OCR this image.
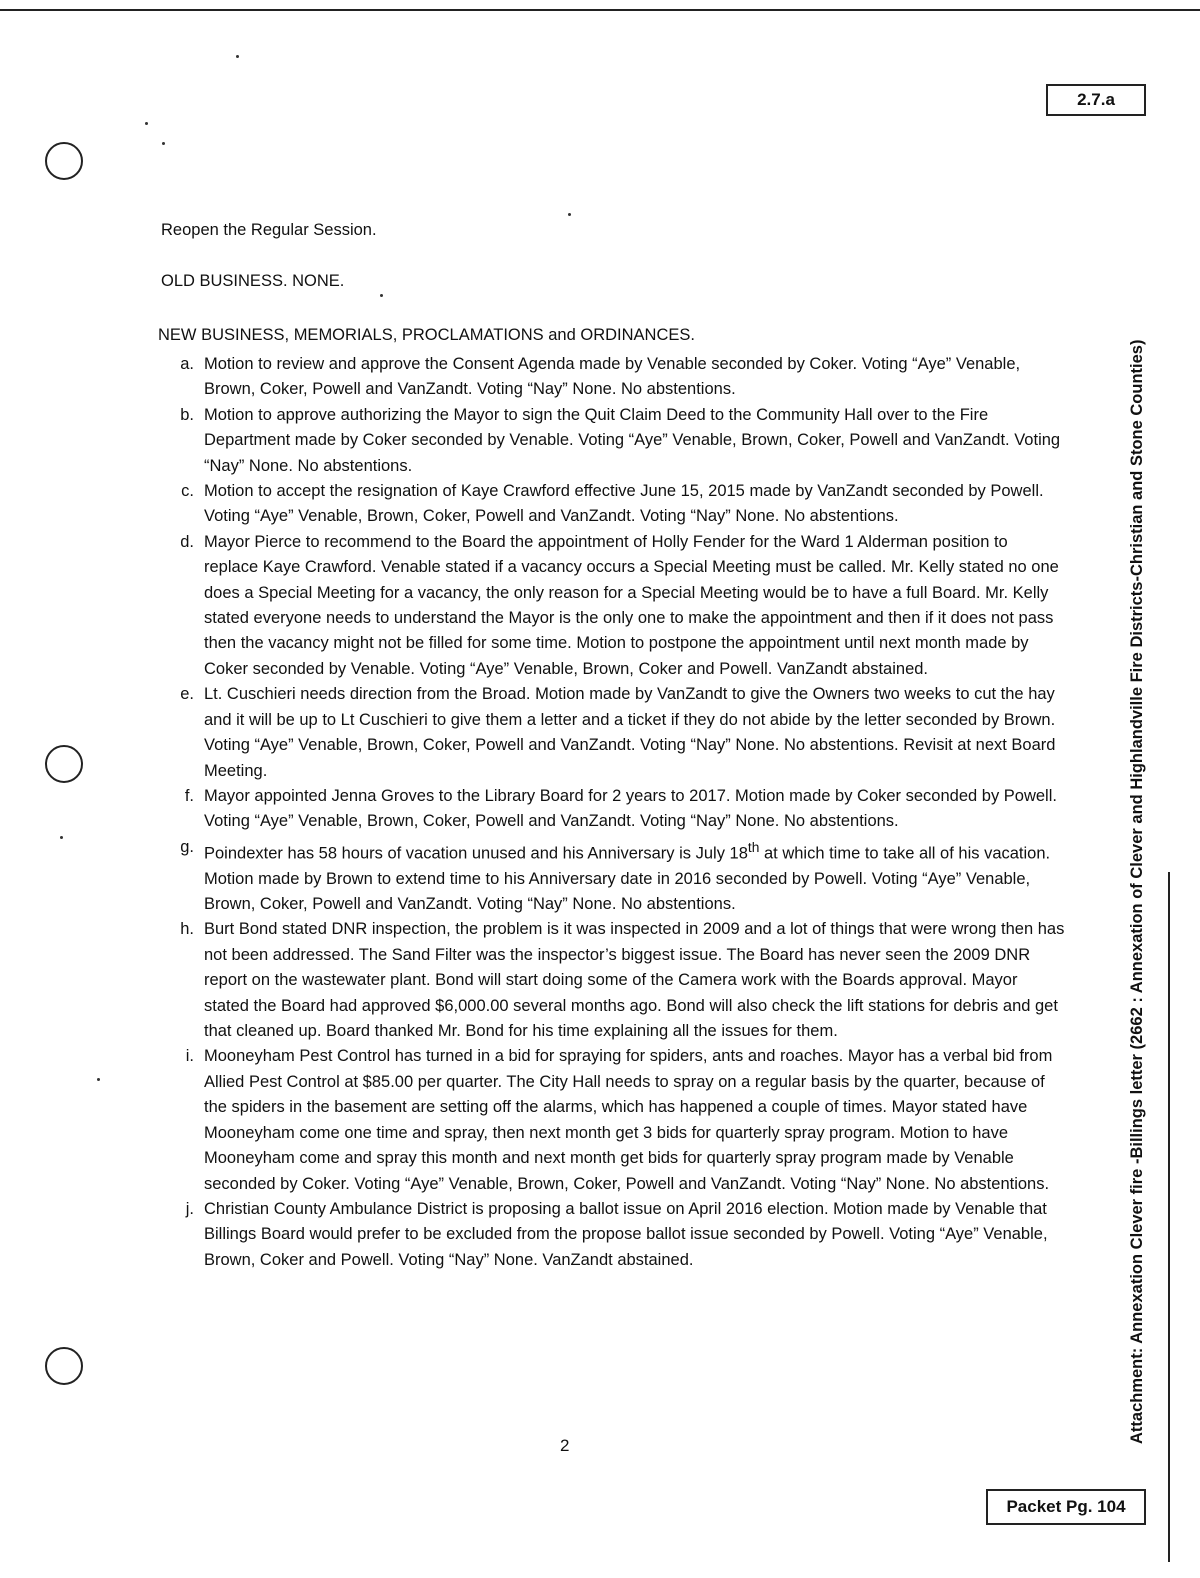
2.7.a
Reopen the Regular Session.
OLD BUSINESS. NONE.
NEW BUSINESS, MEMORIALS, PROCLAMATIONS and ORDINANCES.
a. Motion to review and approve the Consent Agenda made by Venable seconded by Coker. Voting “Aye” Venable, Brown, Coker, Powell and VanZandt. Voting “Nay” None. No abstentions.
b. Motion to approve authorizing the Mayor to sign the Quit Claim Deed to the Community Hall over to the Fire Department made by Coker seconded by Venable. Voting “Aye” Venable, Brown, Coker, Powell and VanZandt. Voting “Nay” None. No abstentions.
c. Motion to accept the resignation of Kaye Crawford effective June 15, 2015 made by VanZandt seconded by Powell. Voting “Aye” Venable, Brown, Coker, Powell and VanZandt. Voting “Nay” None. No abstentions.
d. Mayor Pierce to recommend to the Board the appointment of Holly Fender for the Ward 1 Alderman position to replace Kaye Crawford. Venable stated if a vacancy occurs a Special Meeting must be called. Mr. Kelly stated no one does a Special Meeting for a vacancy, the only reason for a Special Meeting would be to have a full Board. Mr. Kelly stated everyone needs to understand the Mayor is the only one to make the appointment and then if it does not pass then the vacancy might not be filled for some time. Motion to postpone the appointment until next month made by Coker seconded by Venable. Voting “Aye” Venable, Brown, Coker and Powell. VanZandt abstained.
e. Lt. Cuschieri needs direction from the Broad. Motion made by VanZandt to give the Owners two weeks to cut the hay and it will be up to Lt Cuschieri to give them a letter and a ticket if they do not abide by the letter seconded by Brown. Voting “Aye” Venable, Brown, Coker, Powell and VanZandt. Voting “Nay” None. No abstentions. Revisit at next Board Meeting.
f. Mayor appointed Jenna Groves to the Library Board for 2 years to 2017. Motion made by Coker seconded by Powell. Voting “Aye” Venable, Brown, Coker, Powell and VanZandt. Voting “Nay” None. No abstentions.
g. Poindexter has 58 hours of vacation unused and his Anniversary is July 18th at which time to take all of his vacation. Motion made by Brown to extend time to his Anniversary date in 2016 seconded by Powell. Voting “Aye” Venable, Brown, Coker, Powell and VanZandt. Voting “Nay” None. No abstentions.
h. Burt Bond stated DNR inspection, the problem is it was inspected in 2009 and a lot of things that were wrong then has not been addressed. The Sand Filter was the inspector’s biggest issue. The Board has never seen the 2009 DNR report on the wastewater plant. Bond will start doing some of the Camera work with the Boards approval. Mayor stated the Board had approved $6,000.00 several months ago. Bond will also check the lift stations for debris and get that cleaned up. Board thanked Mr. Bond for his time explaining all the issues for them.
i. Mooneyham Pest Control has turned in a bid for spraying for spiders, ants and roaches. Mayor has a verbal bid from Allied Pest Control at $85.00 per quarter. The City Hall needs to spray on a regular basis by the quarter, because of the spiders in the basement are setting off the alarms, which has happened a couple of times. Mayor stated have Mooneyham come one time and spray, then next month get 3 bids for quarterly spray program. Motion to have Mooneyham come and spray this month and next month get bids for quarterly spray program made by Venable seconded by Coker. Voting “Aye” Venable, Brown, Coker, Powell and VanZandt. Voting “Nay” None. No abstentions.
j. Christian County Ambulance District is proposing a ballot issue on April 2016 election. Motion made by Venable that Billings Board would prefer to be excluded from the propose ballot issue seconded by Powell. Voting “Aye” Venable, Brown, Coker and Powell. Voting “Nay” None. VanZandt abstained.
2
Attachment: Annexation Clever fire -Billings letter (2662 : Annexation of Clever and Highlandville Fire Districts-Christian and Stone Counties)
Packet Pg. 104
